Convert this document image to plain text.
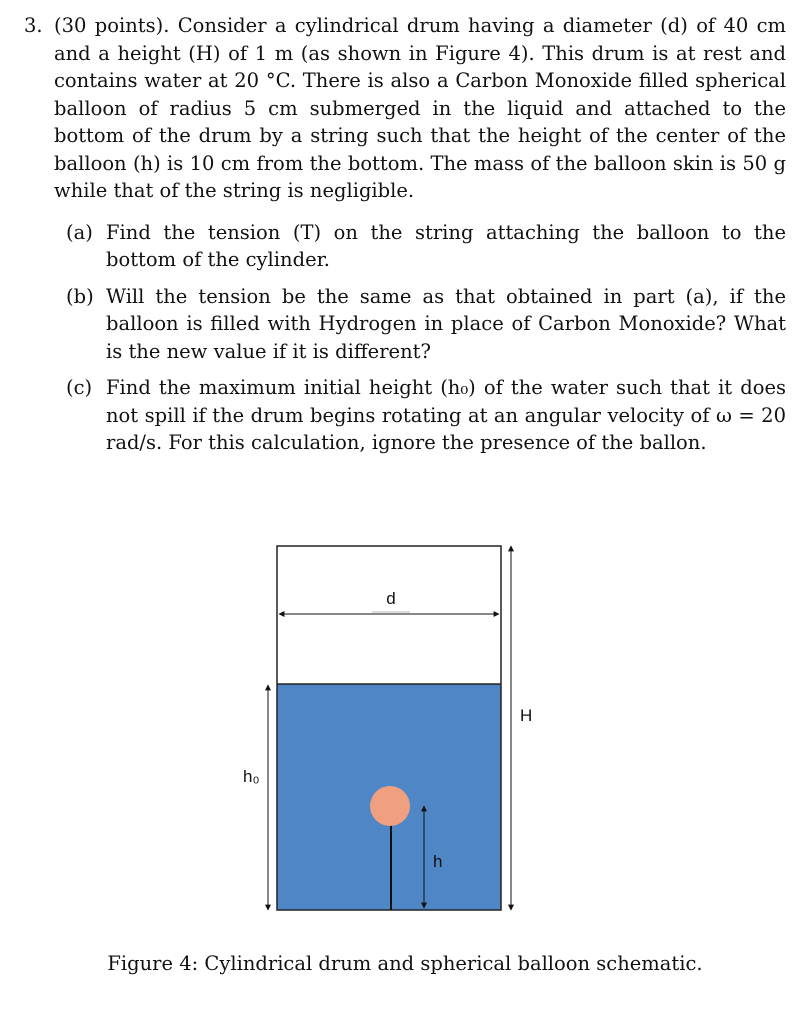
3. (30 points). Consider a cylindrical drum having a diameter (d) of 40 cm and a height (H) of 1 m (as shown in Figure 4). This drum is at rest and contains water at 20 °C. There is also a Carbon Monoxide filled spherical balloon of radius 5 cm submerged in the liquid and attached to the bottom of the drum by a string such that the height of the center of the balloon (h) is 10 cm from the bottom. The mass of the balloon skin is 50 g while that of the string is negligible.
(a) Find the tension (T) on the string attaching the balloon to the bottom of the cylinder.
(b) Will the tension be the same as that obtained in part (a), if the balloon is filled with Hydrogen in place of Carbon Monoxide? What is the new value if it is different?
(c) Find the maximum initial height (h₀) of the water such that it does not spill if the drum begins rotating at an angular velocity of ω = 20 rad/s. For this calculation, ignore the presence of the ballon.
d
H
h₀
h
Figure 4: Cylindrical drum and spherical balloon schematic.
